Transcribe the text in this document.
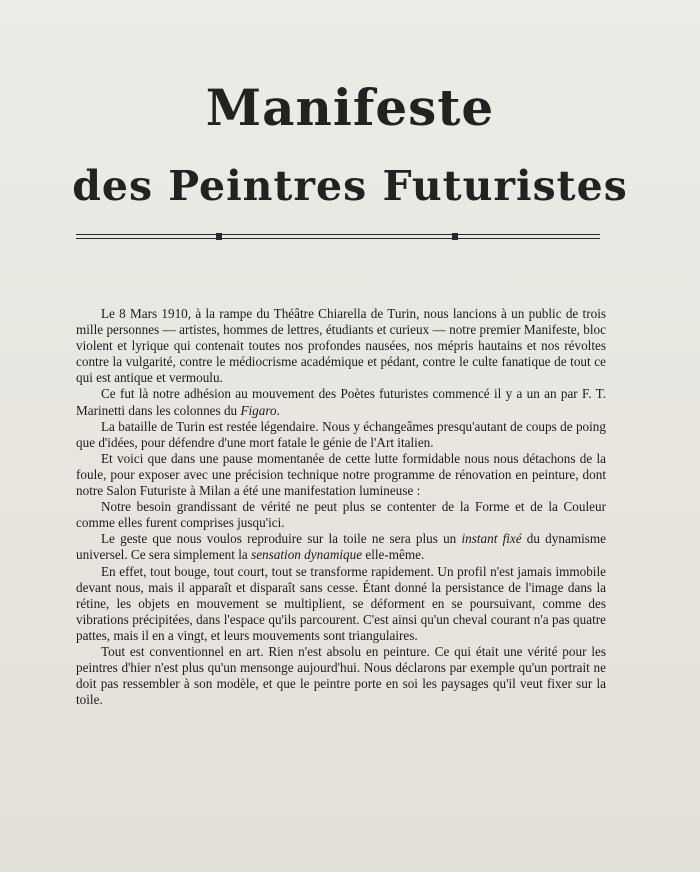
Manifeste
des Peintres Futuristes

Le 8 Mars 1910, à la rampe du Théâtre Chiarella de Turin, nous lancions à un public de trois mille personnes — artistes, hommes de lettres, étudiants et curieux — notre premier Manifeste, bloc violent et lyrique qui contenait toutes nos profondes nausées, nos mépris hautains et nos révoltes contre la vulgarité, contre le médiocrisme académique et pédant, contre le culte fanatique de tout ce qui est antique et vermoulu.

Ce fut là notre adhésion au mouvement des Poètes futuristes commencé il y a un an par F. T. Marinetti dans les colonnes du Figaro.

La bataille de Turin est restée légendaire. Nous y échangeâmes presqu'autant de coups de poing que d'idées, pour défendre d'une mort fatale le génie de l'Art italien.

Et voici que dans une pause momentanée de cette lutte formidable nous nous détachons de la foule, pour exposer avec une précision technique notre programme de rénovation en peinture, dont notre Salon Futuriste à Milan a été une manifestation lumineuse :

Notre besoin grandissant de vérité ne peut plus se contenter de la Forme et de la Couleur comme elles furent comprises jusqu'ici.

Le geste que nous voulos reproduire sur la toile ne sera plus un instant fixé du dynamisme universel. Ce sera simplement la sensation dynamique elle-même.

En effet, tout bouge, tout court, tout se transforme rapidement. Un profil n'est jamais immobile devant nous, mais il apparaît et disparaît sans cesse. Étant donné la persistance de l'image dans la rétine, les objets en mouvement se multiplient, se déforment en se poursuivant, comme des vibrations précipitées, dans l'espace qu'ils parcourent. C'est ainsi qu'un cheval courant n'a pas quatre pattes, mais il en a vingt, et leurs mouvements sont triangulaires.

Tout est conventionnel en art. Rien n'est absolu en peinture. Ce qui était une vérité pour les peintres d'hier n'est plus qu'un mensonge aujourd'hui. Nous déclarons par exemple qu'un portrait ne doit pas ressembler à son modèle, et que le peintre porte en soi les paysages qu'il veut fixer sur la toile.
